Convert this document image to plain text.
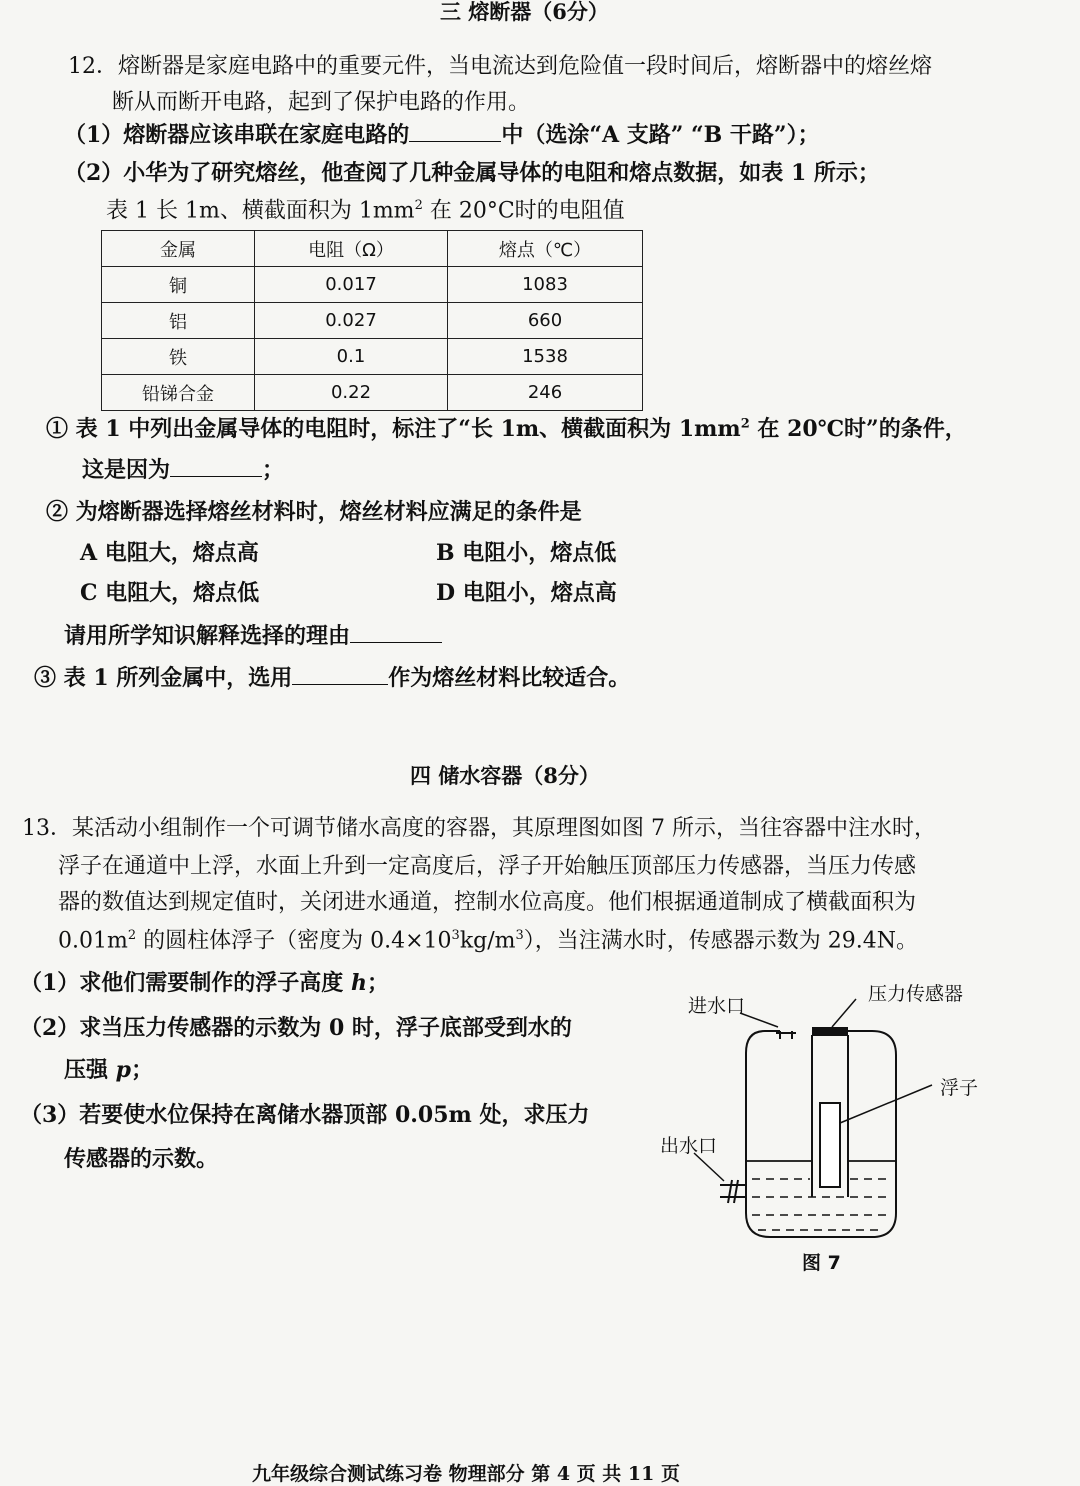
三 熔断器（6分）
12．熔断器是家庭电路中的重要元件，当电流达到危险值一段时间后，熔断器中的熔丝熔
断从而断开电路，起到了保护电路的作用。
（1）熔断器应该串联在家庭电路的	中（选涂“A 支路” “B 干路”）；
（2）小华为了研究熔丝，他查阅了几种金属导体的电阻和熔点数据，如表 1 所示；
表 1 长 1m、横截面积为 $1mm^2$ 在 20°C时的电阻值
金属	电阻（Ω）	熔点（℃）
铜	0.017	1083
铝	0.027	660
铁	0.1	1538
铅锑合金	0.22	246
① 表 1 中列出金属导体的电阻时，标注了“长 1m、横截面积为 $1mm^2$ 在 20℃时”的条件，
这是因为	；
② 为熔断器选择熔丝材料时，熔丝材料应满足的条件是
A 电阻大，熔点高	B 电阻小，熔点低
C 电阻大，熔点低	D 电阻小，熔点高
请用所学知识解释选择的理由
③ 表 1 所列金属中，选用	作为熔丝材料比较适合。
四 储水容器（8分）
13．某活动小组制作一个可调节储水高度的容器，其原理图如图 7 所示，当往容器中注水时，
浮子在通道中上浮，水面上升到一定高度后，浮子开始触压顶部压力传感器，当压力传感
器的数值达到规定值时，关闭进水通道，控制水位高度。他们根据通道制成了横截面积为
$0.01m^2$ 的圆柱体浮子（密度为 $0.4\times 10^3kg/m^3$），当注满水时，传感器示数为 29.4N。
（1）求他们需要制作的浮子高度 h；
（2）求当压力传感器的示数为 0 时，浮子底部受到水的
压强 p；
（3）若要使水位保持在离储水器顶部 0.05m 处，求压力
传感器的示数。
进水口
压力传感器
浮子
出水口
图 7
九年级综合测试练习卷 物理部分 第 4 页 共 11 页
